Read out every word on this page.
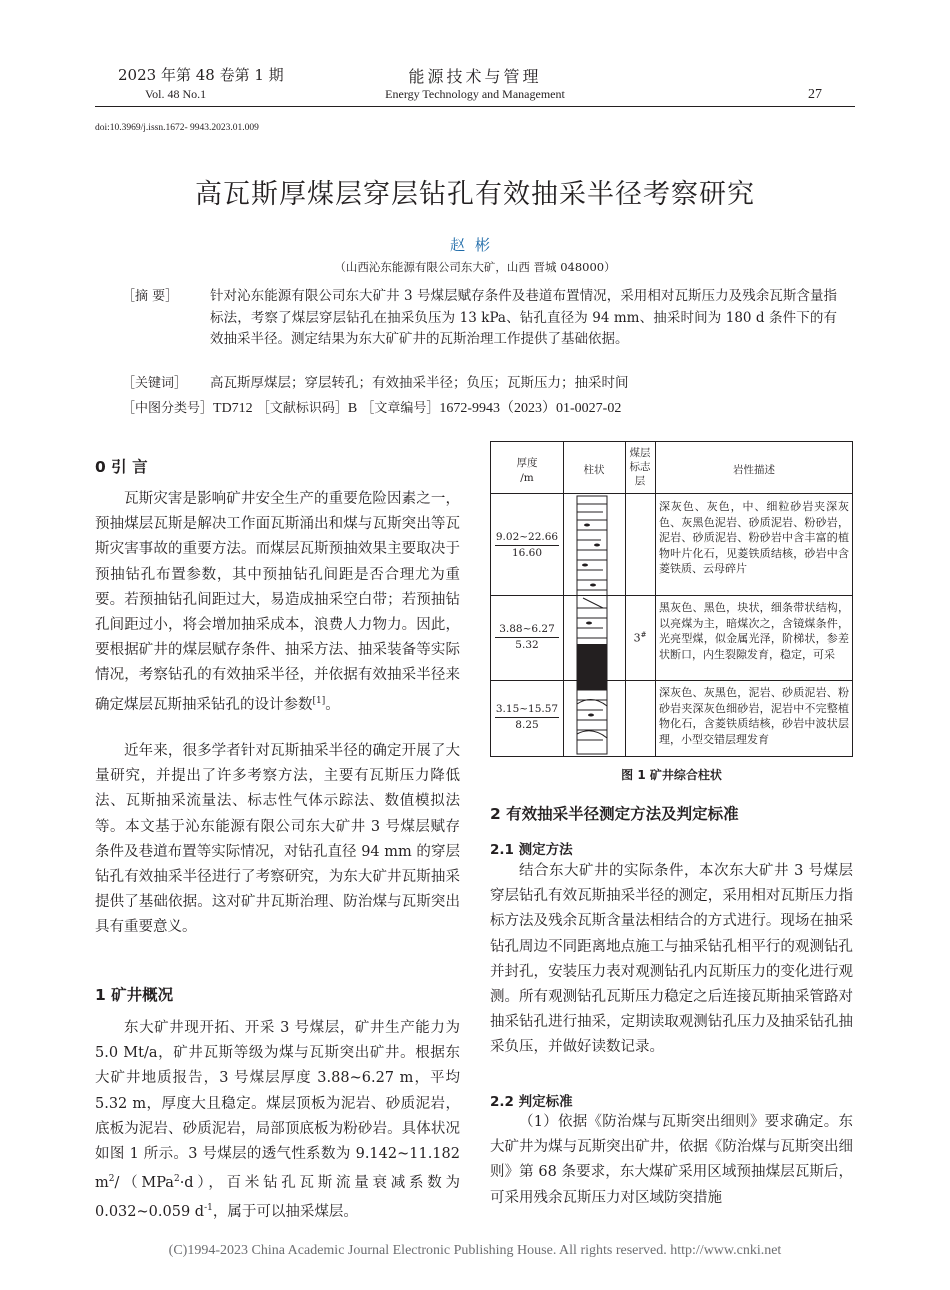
2023 年第 48 卷第 1 期
Vol. 48 No.1
能源技术与管理
Energy Technology and Management	27
doi:10.3969/j.issn.1672- 9943.2023.01.009
高瓦斯厚煤层穿层钻孔有效抽采半径考察研究
赵彬
（山西沁东能源有限公司东大矿，山西 晋城 048000）
［摘 要］ 针对沁东能源有限公司东大矿井 3 号煤层赋存条件及巷道布置情况，采用相对瓦斯压力及残余瓦斯含量指标法，考察了煤层穿层钻孔在抽采负压为 13 kPa、钻孔直径为 94 mm、抽采时间为 180 d 条件下的有效抽采半径。测定结果为东大矿矿井的瓦斯治理工作提供了基础依据。
［关键词］ 高瓦斯厚煤层；穿层转孔；有效抽采半径；负压；瓦斯压力；抽采时间
［中图分类号］TD712 ［文献标识码］B ［文章编号］1672-9943（2023）01-0027-02
0 引 言
瓦斯灾害是影响矿井安全生产的重要危险因素之一，预抽煤层瓦斯是解决工作面瓦斯涌出和煤与瓦斯突出等瓦斯灾害事故的重要方法。而煤层瓦斯预抽效果主要取决于预抽钻孔布置参数，其中预抽钻孔间距是否合理尤为重要。若预抽钻孔间距过大，易造成抽采空白带；若预抽钻孔间距过小，将会增加抽采成本，浪费人力物力。因此，要根据矿井的煤层赋存条件、抽采方法、抽采装备等实际情况，考察钻孔的有效抽采半径，并依据有效抽采半径来确定煤层瓦斯抽采钻孔的设计参数[1]。
近年来，很多学者针对瓦斯抽采半径的确定开展了大量研究，并提出了许多考察方法，主要有瓦斯压力降低法、瓦斯抽采流量法、标志性气体示踪法、数值模拟法等。本文基于沁东能源有限公司东大矿井 3 号煤层赋存条件及巷道布置等实际情况，对钻孔直径 94 mm 的穿层钻孔有效抽采半径进行了考察研究，为东大矿井瓦斯抽采提供了基础依据。这对矿井瓦斯治理、防治煤与瓦斯突出具有重要意义。
1 矿井概况
东大矿井现开拓、开采 3 号煤层，矿井生产能力为 5.0 Mt/a，矿井瓦斯等级为煤与瓦斯突出矿井。根据东大矿井地质报告，3 号煤层厚度 3.88~6.27 m，平均 5.32 m，厚度大且稳定。煤层顶板为泥岩、砂质泥岩，底板为泥岩、砂质泥岩，局部顶底板为粉砂岩。具体状况如图 1 所示。3 号煤层的透气性系数为 9.142~11.182 $m^2/(MPa^2\cdot d)$，百米钻孔瓦斯流量衰减系数为 0.032~0.059 $d^{-1}$，属于可以抽采煤层。
厚度
/m
柱状
煤层
标志
层
岩性描述
9.02~22.66
16.60
深灰色、灰色，中、细粒砂岩夹深灰色、灰黑色泥岩、砂质泥岩、粉砂岩，泥岩、砂质泥岩、粉砂岩中含丰富的植物叶片化石，见菱铁质结核，砂岩中含菱铁质、云母碎片
3.88~6.27
5.32
3#
黑灰色、黑色，块状，细条带状结构，以亮煤为主，暗煤次之，含镜煤条件，光亮型煤，似金属光泽，阶梯状，参差状断口，内生裂隙发育，稳定，可采
3.15~15.57
8.25
深灰色、灰黑色，泥岩、砂质泥岩、粉砂岩夹深灰色细砂岩，泥岩中不完整植物化石，含菱铁质结核，砂岩中波状层理，小型交错层理发育
图 1 矿井综合柱状
2 有效抽采半径测定方法及判定标准
2.1 测定方法
结合东大矿井的实际条件，本次东大矿井 3 号煤层穿层钻孔有效瓦斯抽采半径的测定，采用相对瓦斯压力指标方法及残余瓦斯含量法相结合的方式进行。现场在抽采钻孔周边不同距离地点施工与抽采钻孔相平行的观测钻孔并封孔，安装压力表对观测钻孔内瓦斯压力的变化进行观测。所有观测钻孔瓦斯压力稳定之后连接瓦斯抽采管路对抽采钻孔进行抽采，定期读取观测钻孔压力及抽采钻孔抽采负压，并做好读数记录。
2.2 判定标准
（1）依据《防治煤与瓦斯突出细则》要求确定。东大矿井为煤与瓦斯突出矿井，依据《防治煤与瓦斯突出细则》第 68 条要求，东大煤矿采用区域预抽煤层瓦斯后，可采用残余瓦斯压力对区域防突措施
(C)1994-2023 China Academic Journal Electronic Publishing House. All rights reserved. http://www.cnki.net
